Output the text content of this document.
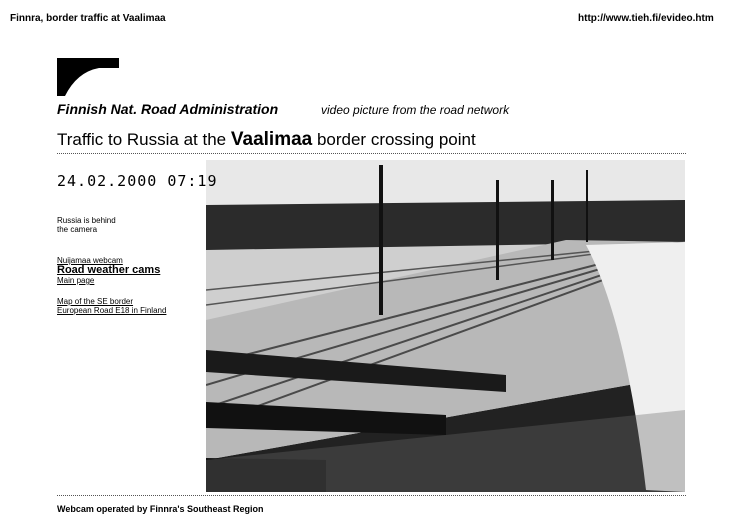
Finnra, border traffic at Vaalimaa	http://www.tieh.fi/evideo.htm
Finnish Nat. Road Administration	video picture from the road network
Traffic to Russia at the Vaalimaa border crossing point
24.02.2000 07:19
Russia is behind
the camera
Nuijamaa webcam
Road weather cams
Main page
Map of the SE border
European Road E18 in Finland
Webcam operated by Finnra's Southeast Region
